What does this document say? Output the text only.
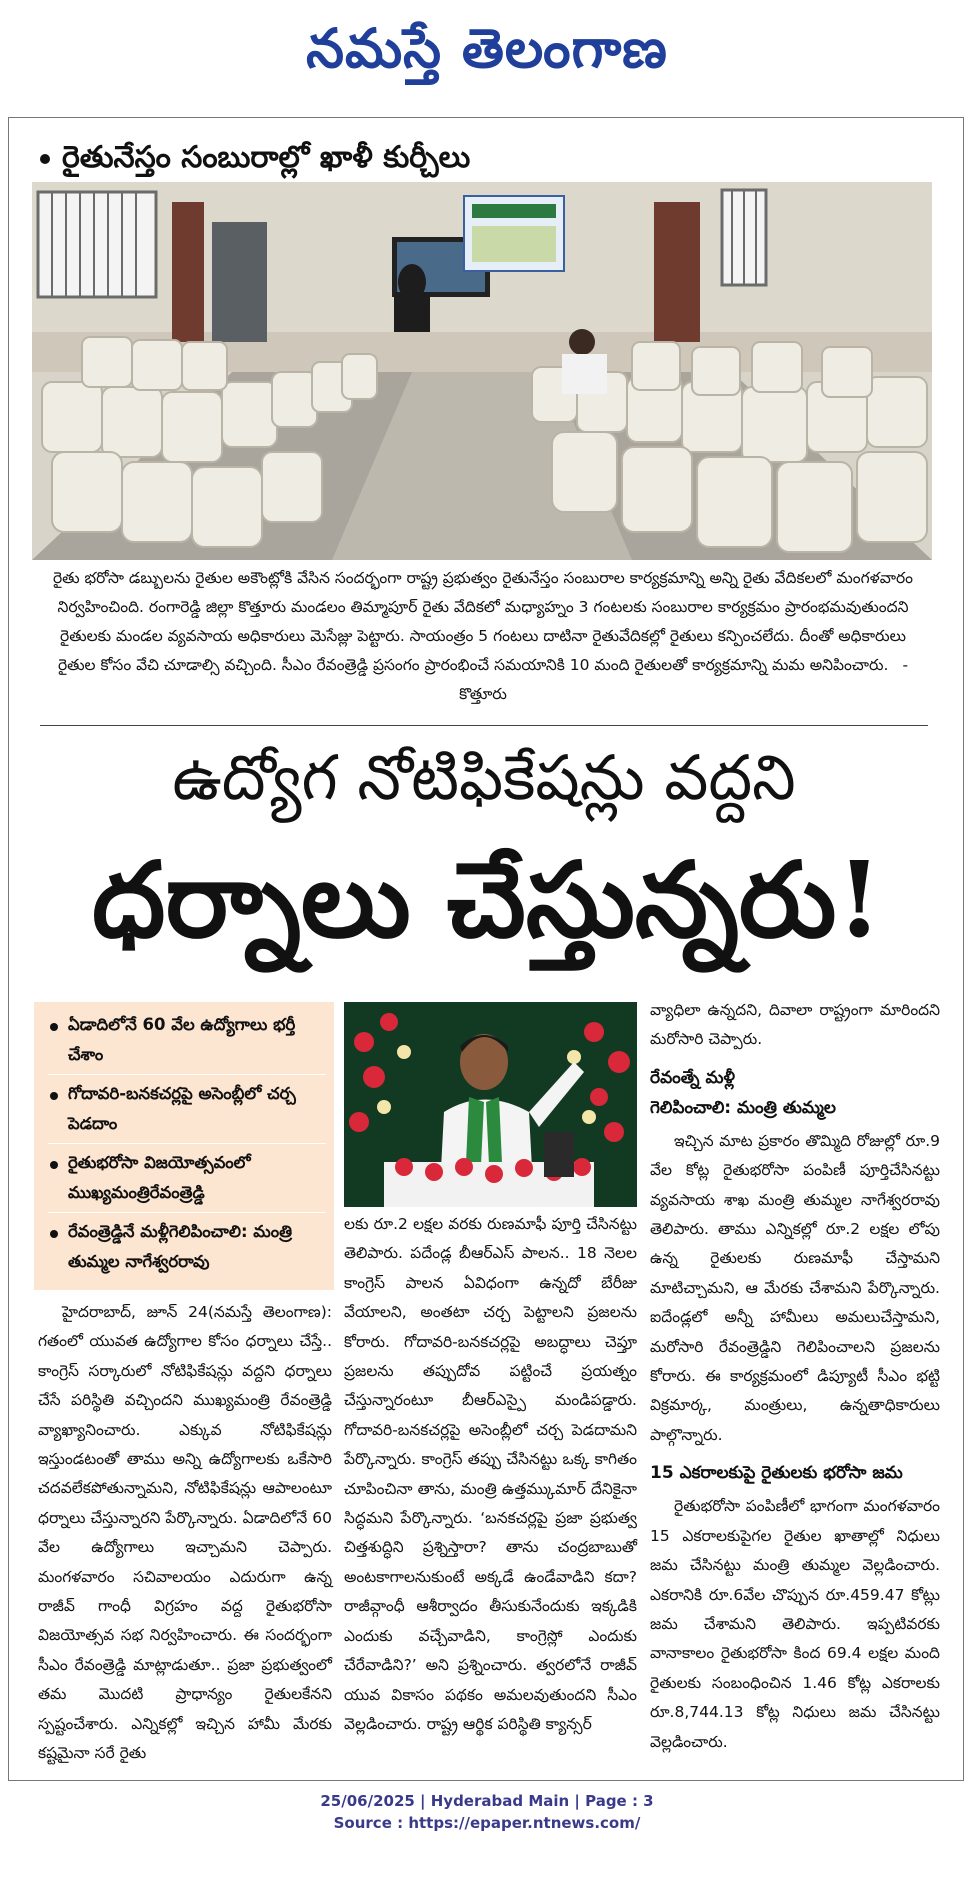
నమస్తే తెలంగాణ
రైతునేస్తం సంబురాల్లో ఖాళీ కుర్చీలు
రైతు భరోసా డబ్బులను రైతుల అకౌంట్లోకి వేసిన సందర్భంగా రాష్ట్ర ప్రభుత్వం రైతునేస్తం సంబురాల కార్యక్రమాన్ని అన్ని రైతు వేదికలలో మంగళవారం నిర్వహించింది. రంగారెడ్డి జిల్లా కొత్తూరు మండలం తిమ్మాపూర్ రైతు వేదికలో మధ్యాహ్నం 3 గంటలకు సంబురాల కార్యక్రమం ప్రారంభమవుతుందని రైతులకు మండల వ్యవసాయ అధికారులు మెసేజ్లు పెట్టారు. సాయంత్రం 5 గంటలు దాటినా రైతువేదికల్లో రైతులు కన్పించలేదు. దీంతో అధికారులు రైతుల కోసం వేచి చూడాల్సి వచ్చింది. సీఎం రేవంత్రెడ్డి ప్రసంగం ప్రారంభించే సమయానికి 10 మంది రైతులతో కార్యక్రమాన్ని మమ అనిపించారు. -కొత్తూరు
ఉద్యోగ నోటిఫికేషన్లు వద్దని
ధర్నాలు చేస్తున్నరు!
ఏడాదిలోనే 60 వేల ఉద్యోగాలు భర్తీ చేశాం
గోదావరి-బనకచర్లపై అసెంబ్లీలో చర్చ పెడదాం
రైతుభరోసా విజయోత్సవంలో ముఖ్యమంత్రిరేవంత్రెడ్డి
రేవంత్రెడ్డినే మళ్లీగెలిపించాలి: మంత్రి తుమ్మల నాగేశ్వరరావు

హైదరాబాద్, జూన్ 24(నమస్తే తెలంగాణ): గతంలో యువత ఉద్యోగాల కోసం ధర్నాలు చేస్తే.. కాంగ్రెస్ సర్కారులో నోటిఫికేషన్లు వద్దని ధర్నాలు చేసే పరిస్థితి వచ్చిందని ముఖ్యమంత్రి రేవంత్రెడ్డి వ్యాఖ్యానించారు. ఎక్కువ నోటిఫికేషన్లు ఇస్తుండటంతో తాము అన్ని ఉద్యోగాలకు ఒకేసారి చదవలేకపోతున్నామని, నోటిఫికేషన్లు ఆపాలంటూ ధర్నాలు చేస్తున్నారని పేర్కొన్నారు. ఏడాదిలోనే 60 వేల ఉద్యోగాలు ఇచ్చామని చెప్పారు. మంగళవారం సచివాలయం ఎదురుగా ఉన్న రాజీవ్ గాంధీ విగ్రహం వద్ద రైతుభరోసా విజయోత్సవ సభ నిర్వహించారు. ఈ సందర్భంగా సీఎం రేవంత్రెడ్డి మాట్లాడుతూ.. ప్రజా ప్రభుత్వంలో తమ మొదటి ప్రాధాన్యం రైతులకేనని స్పష్టంచేశారు. ఎన్నికల్లో ఇచ్చిన హామీ మేరకు కష్టమైనా సరే రైతు

లకు రూ.2 లక్షల వరకు రుణమాఫీ పూర్తి చేసినట్టు తెలిపారు. పదేండ్ల బీఆర్ఎస్ పాలన.. 18 నెలల కాంగ్రెస్ పాలన ఏవిధంగా ఉన్నదో బేరీజు వేయాలని, అంతటా చర్చ పెట్టాలని ప్రజలను కోరారు. గోదావరి-బనకచర్లపై అబద్ధాలు చెప్తూ ప్రజలను తప్పుదోవ పట్టించే ప్రయత్నం చేస్తున్నారంటూ బీఆర్ఎస్పై మండిపడ్డారు. గోదావరి-బనకచర్లపై అసెంబ్లీలో చర్చ పెడదామని పేర్కొన్నారు. కాంగ్రెస్ తప్పు చేసినట్టు ఒక్క కాగితం చూపించినా తాను, మంత్రి ఉత్తమ్కుమార్ దేనికైనా సిద్ధమని పేర్కొన్నారు. ‘బనకచర్లపై ప్రజా ప్రభుత్వ చిత్తశుద్ధిని ప్రశ్నిస్తారా? తాను చంద్రబాబుతో అంటకాగాలనుకుంటే అక్కడే ఉండేవాడిని కదా? రాజీవ్గాంధీ ఆశీర్వాదం తీసుకునేందుకు ఇక్కడికి ఎందుకు వచ్చేవాడిని, కాంగ్రెస్లో ఎందుకు చేరేవాడిని?’ అని ప్రశ్నించారు. త్వరలోనే రాజీవ్ యువ వికాసం పథకం అమలవుతుందని సీఎం వెల్లడించారు. రాష్ట్ర ఆర్థిక పరిస్థితి క్యాన్సర్

వ్యాధిలా ఉన్నదని, దివాలా రాష్ట్రంగా మారిందని మరోసారి చెప్పారు.

రేవంత్నే మళ్లీ
గెలిపించాలి: మంత్రి తుమ్మల

ఇచ్చిన మాట ప్రకారం తొమ్మిది రోజుల్లో రూ.9 వేల కోట్ల రైతుభరోసా పంపిణీ పూర్తిచేసినట్టు వ్యవసాయ శాఖ మంత్రి తుమ్మల నాగేశ్వరరావు తెలిపారు. తాము ఎన్నికల్లో రూ.2 లక్షల లోపు ఉన్న రైతులకు రుణమాఫీ చేస్తామని మాటిచ్చామని, ఆ మేరకు చేశామని పేర్కొన్నారు. ఐదేండ్లలో అన్నీ హామీలు అమలుచేస్తామని, మరోసారి రేవంత్రెడ్డిని గెలిపించాలని ప్రజలను కోరారు. ఈ కార్యక్రమంలో డిప్యూటీ సీఎం భట్టి విక్రమార్క, మంత్రులు, ఉన్నతాధికారులు పాల్గొన్నారు.

15 ఎకరాలకుపై రైతులకు భరోసా జమ

రైతుభరోసా పంపిణీలో భాగంగా మంగళవారం 15 ఎకరాలకుపైగల రైతుల ఖాతాల్లో నిధులు జమ చేసినట్టు మంత్రి తుమ్మల వెల్లడించారు. ఎకరానికి రూ.6వేల చొప్పున రూ.459.47 కోట్లు జమ చేశామని తెలిపారు. ఇప్పటివరకు వానాకాలం రైతుభరోసా కింద 69.4 లక్షల మంది రైతులకు సంబంధించిన 1.46 కోట్ల ఎకరాలకు రూ.8,744.13 కోట్ల నిధులు జమ చేసినట్టు వెల్లడించారు.

25/06/2025 | Hyderabad Main | Page : 3
Source : https://epaper.ntnews.com/
